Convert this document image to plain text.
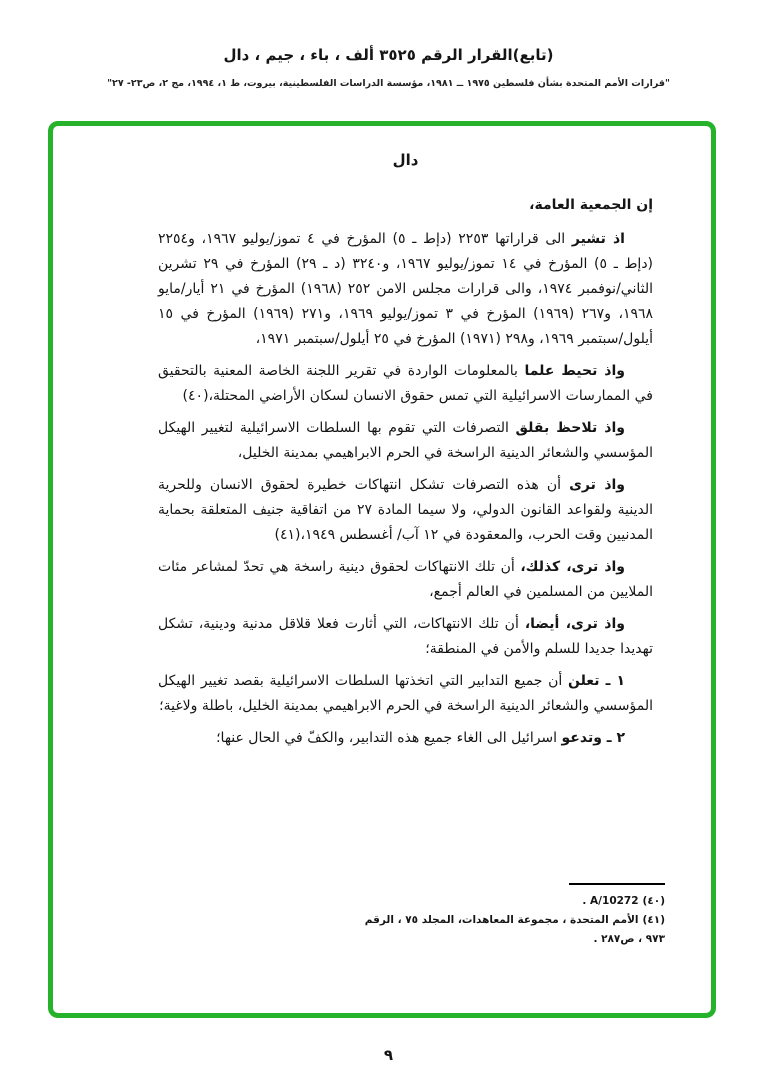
(تابع)القرار الرقم ٣٥٢٥ ألف ، باء ، جيم ، دال
"قرارات الأمم المتحدة بشأن فلسطين ١٩٧٥ ــ ١٩٨١، مؤسسة الدراسات الفلسطينية، بيروت، ط ١، ١٩٩٤، مج ٢، ص٢٣- ٢٧"
دال

إن الجمعية العامة،

اذ تشير الى قراراتها ٢٢٥٣ (دإط ـ ٥) المؤرخ في ٤ تموز/يوليو ١٩٦٧، و٢٢٥٤ (دإط ـ ٥) المؤرخ في ١٤ تموز/يوليو ١٩٦٧، و٣٢٤٠ (د ـ ٢٩) المؤرخ في ٢٩ تشرين الثاني/نوفمبر ١٩٧٤، والى قرارات مجلس الامن ٢٥٢ (١٩٦٨) المؤرخ في ٢١ أيار/مايو ١٩٦٨، و٢٦٧ (١٩٦٩) المؤرخ في ٣ تموز/يوليو ١٩٦٩، و٢٧١ (١٩٦٩) المؤرخ في ١٥ أيلول/سبتمبر ١٩٦٩، و٢٩٨ (١٩٧١) المؤرخ في ٢٥ أيلول/سبتمبر ١٩٧١،

واذ تحيط علما بالمعلومات الواردة في تقرير اللجنة الخاصة المعنية بالتحقيق في الممارسات الاسرائيلية التي تمس حقوق الانسان لسكان الأراضي المحتلة،(٤٠)

واذ تلاحظ بقلق التصرفات التي تقوم بها السلطات الاسرائيلية لتغيير الهيكل المؤسسي والشعائر الدينية الراسخة في الحرم الابراهيمي بمدينة الخليل،

واذ ترى أن هذه التصرفات تشكل انتهاكات خطيرة لحقوق الانسان وللحرية الدينية ولقواعد القانون الدولي، ولا سيما المادة ٢٧ من اتفاقية جنيف المتعلقة بحماية المدنيين وقت الحرب، والمعقودة في ١٢ آب/ أغسطس ١٩٤٩،(٤١)

واذ ترى، كذلك، أن تلك الانتهاكات لحقوق دينية راسخة هي تحدّ لمشاعر مئات الملايين من المسلمين في العالم أجمع،

واذ ترى، أيضا، أن تلك الانتهاكات، التي أثارت فعلا قلاقل مدنية ودينية، تشكل تهديدا جديدا للسلم والأمن في المنطقة؛

١ ـ تعلن أن جميع التدابير التي اتخذتها السلطات الاسرائيلية بقصد تغيير الهيكل المؤسسي والشعائر الدينية الراسخة في الحرم الابراهيمي بمدينة الخليل، باطلة ولاغية؛

٢ ـ وتدعو اسرائيل الى الغاء جميع هذه التدابير، والكفّ في الحال عنها؛

(٤٠)A/10272 .
(٤١)الأمم المتحدة ، مجموعة المعاهدات، المجلد ٧٥ ، الرقم ٩٧٣ ، ص٢٨٧ .
٩
